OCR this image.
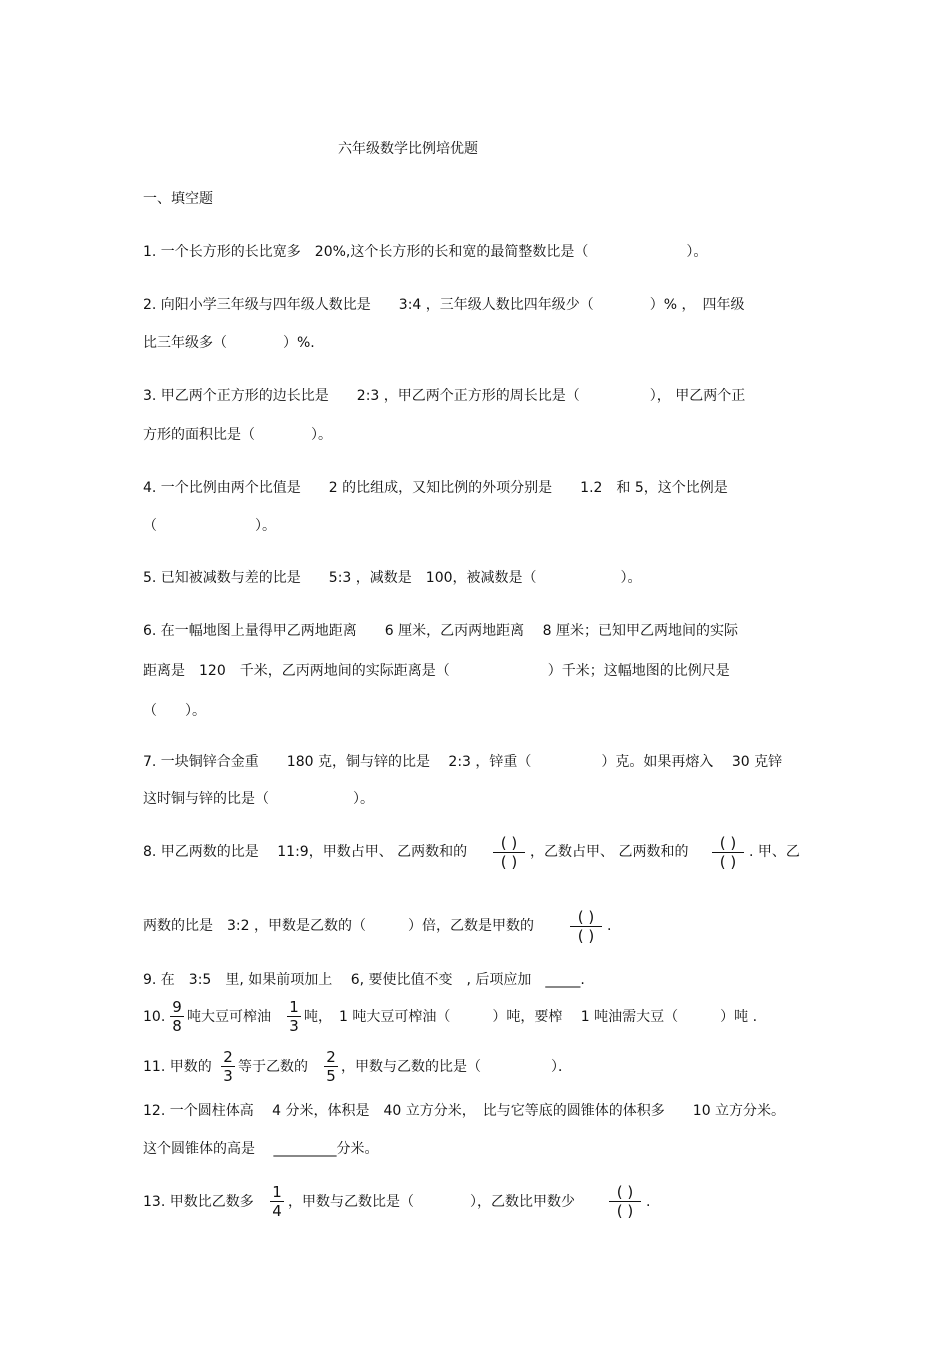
六年级数学比例培优题
一、填空题
1. 一个长方形的长比宽多　20%,这个长方形的长和宽的最简整数比是（　　　　　　　）。
2. 向阳小学三年级与四年级人数比是　　3:4 ，三年级人数比四年级少（　　　　）% ，　四年级
比三年级多（　　　　）%.
3. 甲乙两个正方形的边长比是　　2:3 ，甲乙两个正方形的周长比是（　　　　　）， 甲乙两个正
方形的面积比是（　　　　）。
4. 一个比例由两个比值是　　2 的比组成，又知比例的外项分别是　　1.2　和 5，这个比例是
（　　　　　　　）。
5. 已知被减数与差的比是　　5:3 ，减数是　100，被减数是（　　　　　　）。
6. 在一幅地图上量得甲乙两地距离　　6 厘米，乙丙两地距离　 8 厘米；已知甲乙两地间的实际
距离是　120　千米，乙丙两地间的实际距离是（　　　　　　　）千米；这幅地图的比例尺是
（　　）。
7. 一块铜锌合金重　　180 克，铜与锌的比是　 2:3 ，锌重（　　　　　）克。如果再熔入　 30 克锌
这时铜与锌的比是（　　　　　　）。
8. 甲乙两数的比是　 11:9，甲数占甲、 乙两数和的	( )
( )
，乙数占甲、 乙两数和的	( )
( )
. 甲、乙
两数的比是　3:2 ，甲数是乙数的（　　　）倍，乙数是甲数的	( )
( )
.
9. 在　3:5　里, 如果前项加上　 6, 要使比值不变　, 后项应加　_____.
10.
9
8 吨大豆可榨油
1
3 吨，　1 吨大豆可榨油（　　　）吨，要榨　 1 吨油需大豆（　　　）吨 .
11. 甲数的
2
3 等于乙数的
2
5 ，甲数与乙数的比是（　　　　　）．
12. 一个圆柱体高　 4 分米，体积是　40 立方分米，　比与它等底的圆锥体的体积多　　10 立方分米。
这个圆锥体的高是　 _________分米。
13. 甲数比乙数多
1
4 ，甲数与乙数比是（　　　　），乙数比甲数少
( )
( ) .
